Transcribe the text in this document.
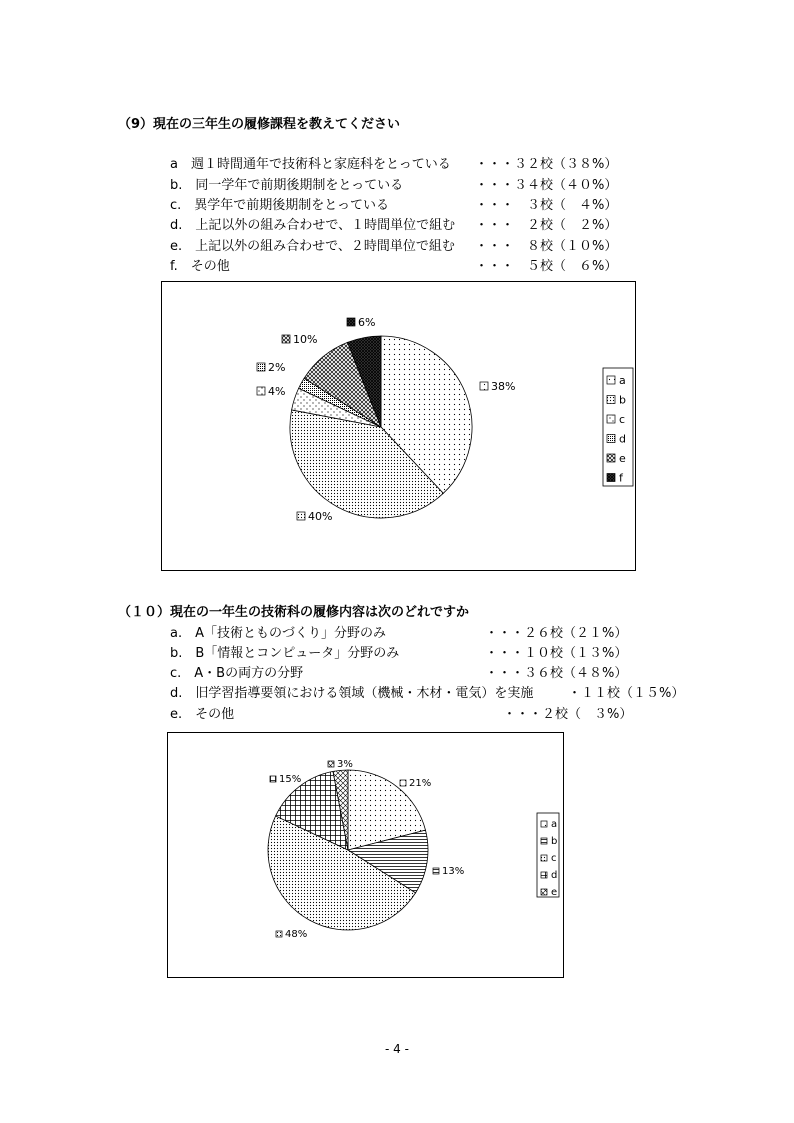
（9）現在の三年生の履修課程を教えてください
a　週１時間通年で技術科と家庭科をとっている ・・・３２校（３８%）
b.　同一学年で前期後期制をとっている	・・・３４校（４０%）
c.　異学年で前期後期制をとっている	・・・　３校（　４%）
d.　上記以外の組み合わせで、１時間単位で組む ・・・　２校（　２%）
e.　上記以外の組み合わせで、２時間単位で組む ・・・　８校（１０%）
f.　その他	・・・　５校（　６%）
38%
40%
4%
2%
10%
6%
a
b
c
d
e
f
（１０）現在の一年生の技術科の履修内容は次のどれですか
a.　A「技術とものづくり」分野のみ	・・・２６校（２１%）
b.　B「情報とコンピュータ」分野のみ	・・・１０校（１３%）
c.　A・Bの両方の分野	・・・３６校（４８%）
d.　旧学習指導要領における領域（機械・木材・電気）を実施	・１１校（１５%）
e.　その他	・・・２校（　３%）
21%
13%
48%
15%
3%
a
b
c
d
e
- 4 -
